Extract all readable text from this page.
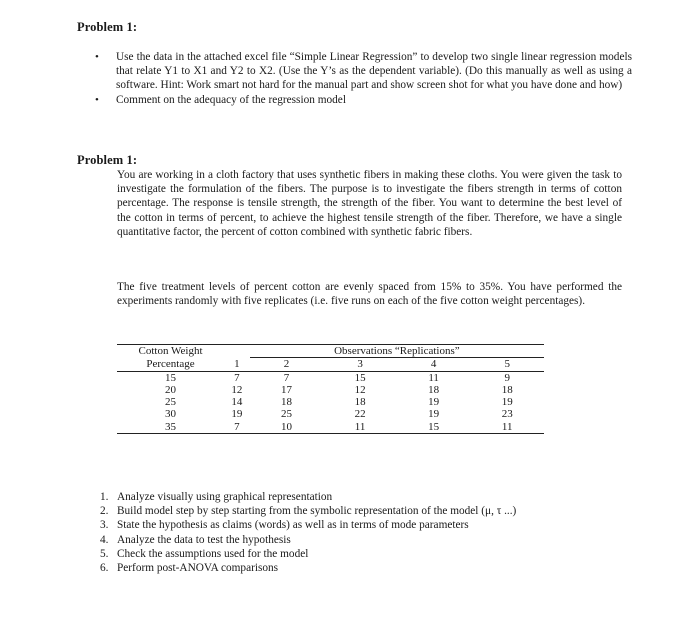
Problem 1:
• Use the data in the attached excel file “Simple Linear Regression” to develop two single linear regression models that relate Y1 to X1 and Y2 to X2. (Use the Y’s as the dependent variable). (Do this manually as well as using a software. Hint: Work smart not hard for the manual part and show screen shot for what you have done and how)
• Comment on the adequacy of the regression model
Problem 1:

You are working in a cloth factory that uses synthetic fibers in making these cloths. You were given the task to investigate the formulation of the fibers. The purpose is to investigate the fibers strength in terms of cotton percentage. The response is tensile strength, the strength of the fiber. You want to determine the best level of the cotton in terms of percent, to achieve the highest tensile strength of the fiber. Therefore, we have a single quantitative factor, the percent of cotton combined with synthetic fabric fibers.

The five treatment levels of percent cotton are evenly spaced from 15% to 35%. You have performed the experiments randomly with five replicates (i.e. five runs on each of the five cotton weight percentages).

Cotton Weight		Observations “Replications”			
Percentage	1	2	3	4	5
15	7	7	15	11	9
20	12	17	12	18	18
25	14	18	18	19	19
30	19	25	22	19	23
35	7	10	11	15	11
1. Analyze visually using graphical representation
2. Build model step by step starting from the symbolic representation of the model (μ, τ ...)
3. State the hypothesis as claims (words) as well as in terms of mode parameters
4. Analyze the data to test the hypothesis
5. Check the assumptions used for the model
6. Perform post-ANOVA comparisons
